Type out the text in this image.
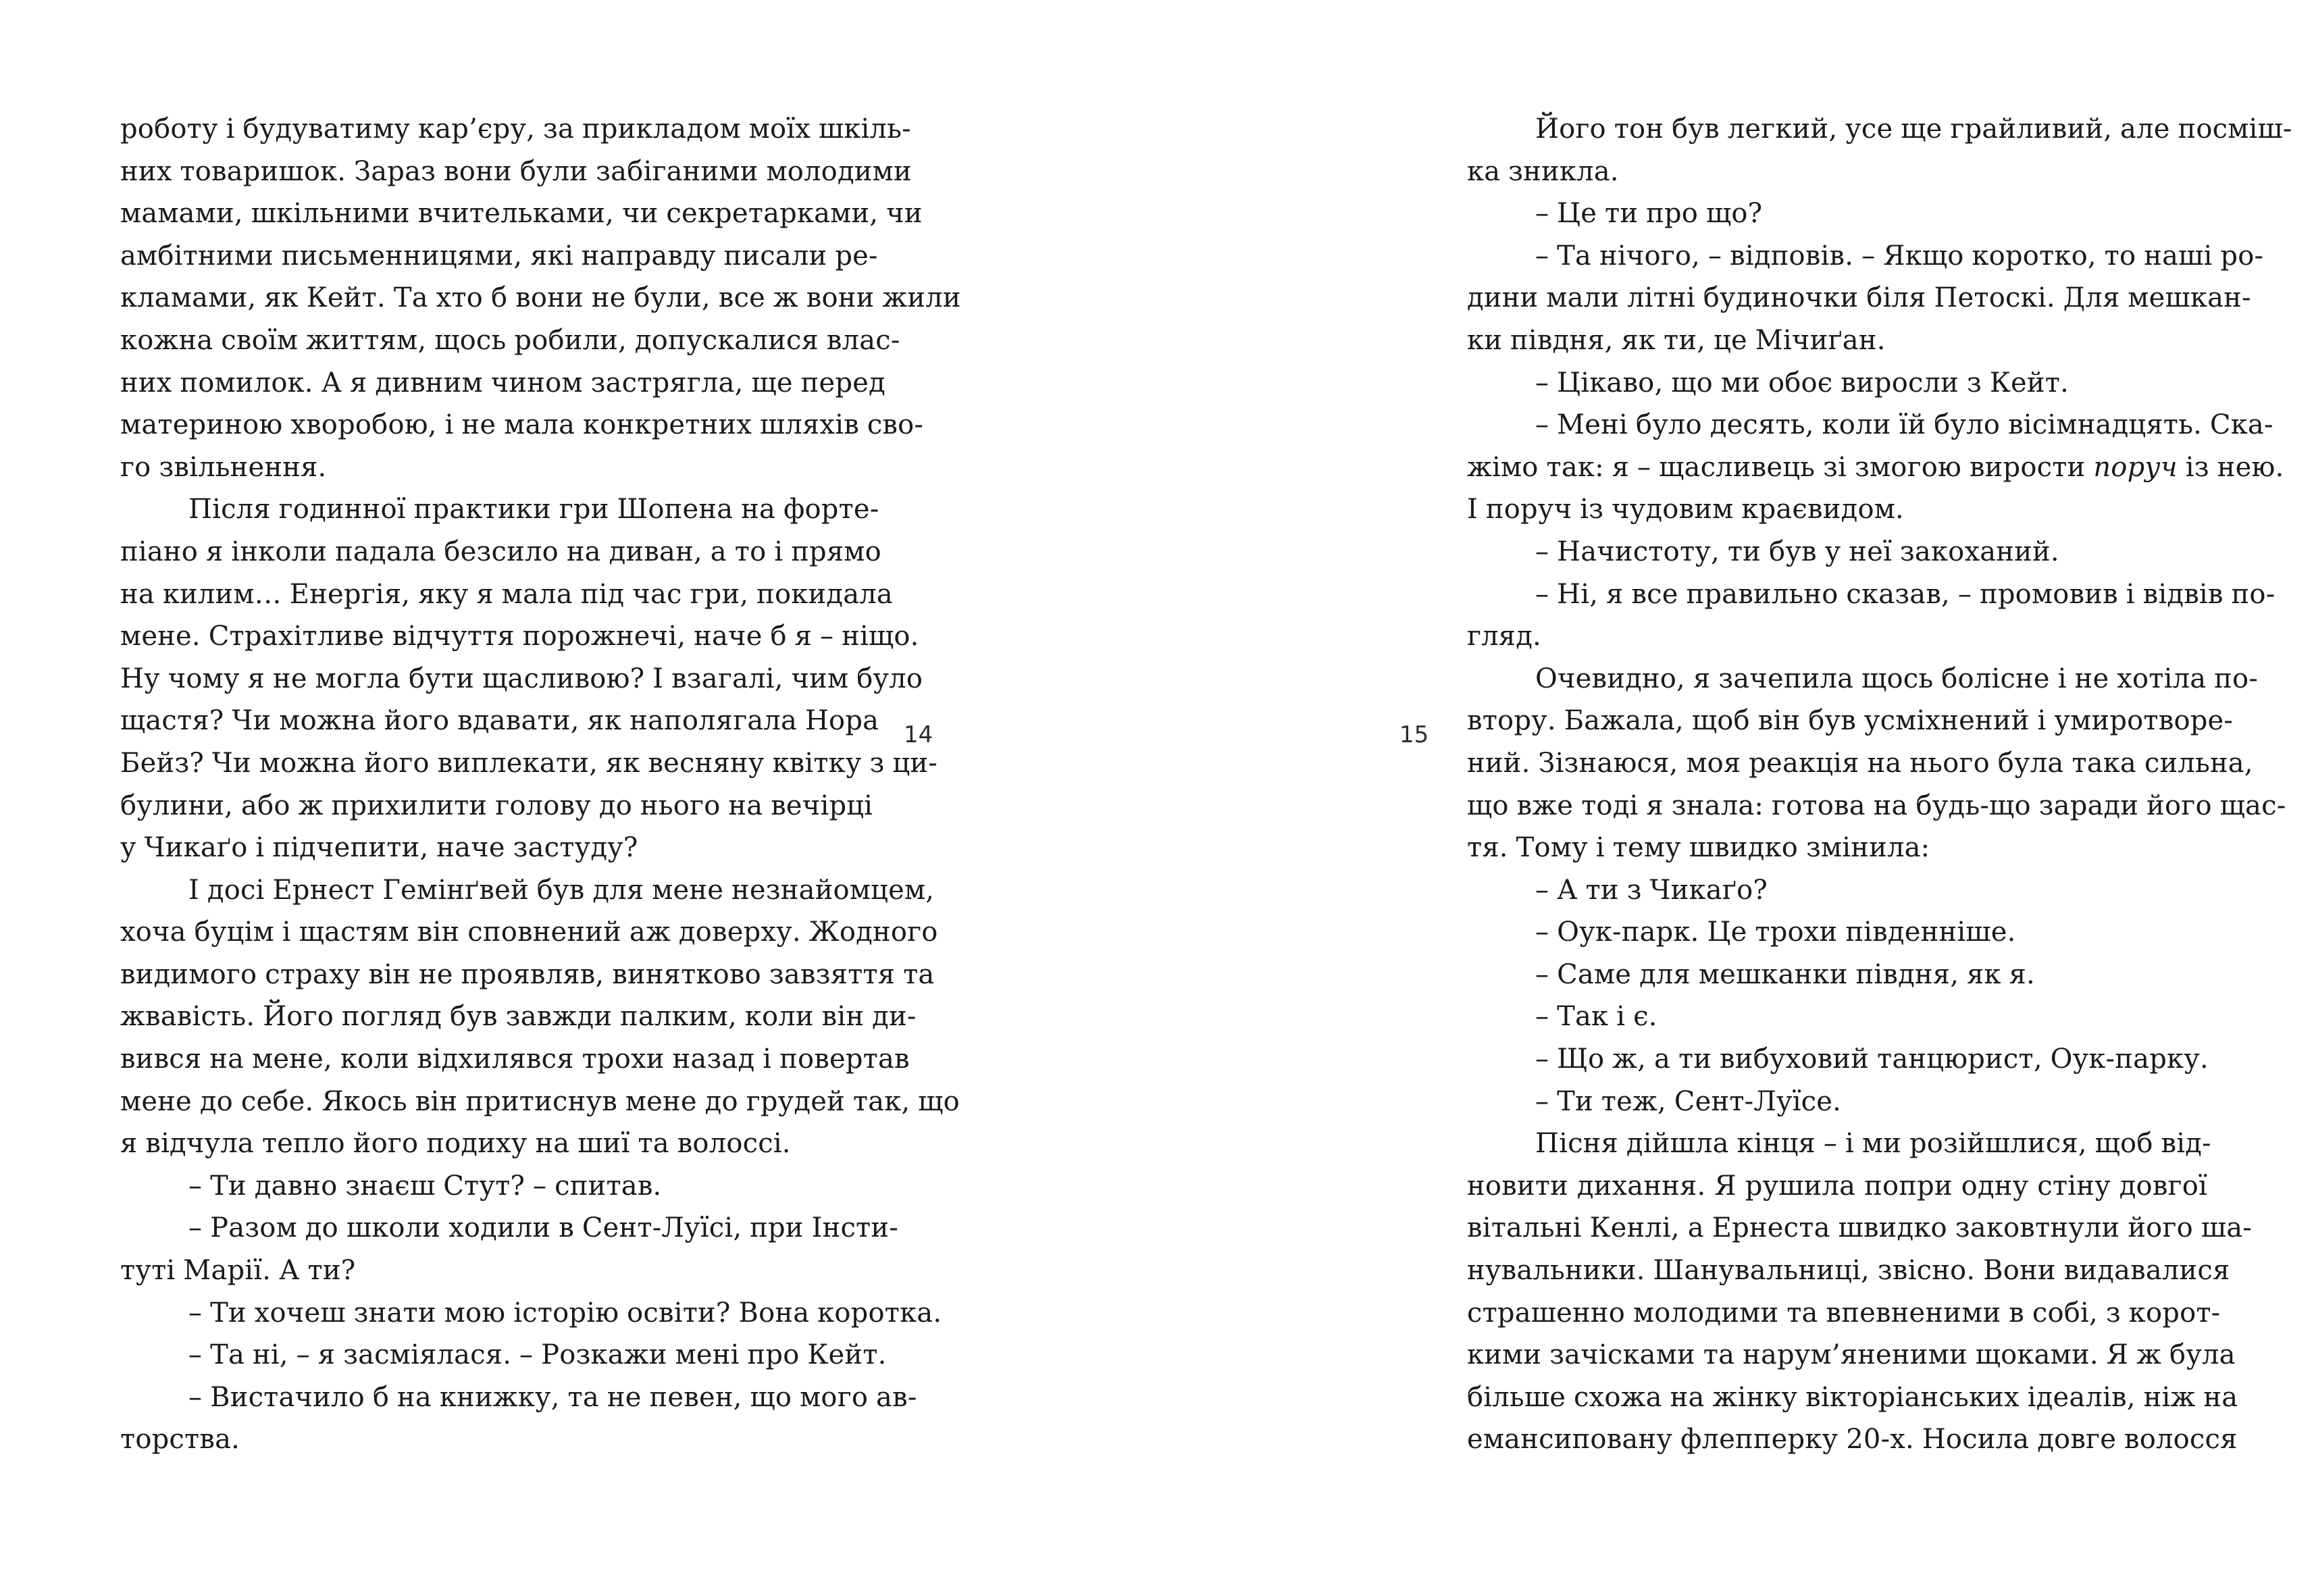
роботу і будуватиму кар’єру, за прикладом моїх шкіль-
них товаришок. Зараз вони були забіганими молодими
мамами, шкільними вчительками, чи секретарками, чи
амбітними письменницями, які направду писали ре-
кламами, як Кейт. Та хто б вони не були, все ж вони жили
кожна своїм життям, щось робили, допускалися влас-
них помилок. А я дивним чином застрягла, ще перед
материною хворобою, і не мала конкретних шляхів сво-
го звільнення.
Після годинної практики гри Шопена на форте-
піано я інколи падала безсило на диван, а то і прямо
на килим… Енергія, яку я мала під час гри, покидала
мене. Страхітливе відчуття порожнечі, наче б я – ніщо.
Ну чому я не могла бути щасливою? І взагалі, чим було
щастя? Чи можна його вдавати, як наполягала Нора
Бейз? Чи можна його виплекати, як весняну квітку з ци-
булини, або ж прихилити голову до нього на вечірці
у Чикаґо і підчепити, наче застуду?
І досі Ернест Гемінґвей був для мене незнайомцем,
хоча буцім і щастям він сповнений аж доверху. Жодного
видимого страху він не проявляв, винятково завзяття та
жвавість. Його погляд був завжди палким, коли він ди-
вився на мене, коли відхилявся трохи назад і повертав
мене до себе. Якось він притиснув мене до грудей так, що
я відчула тепло його подиху на шиї та волоссі.
– Ти давно знаєш Стут? – спитав.
– Разом до школи ходили в Сент-Луїсі, при Інсти-
туті Марії. А ти?
– Ти хочеш знати мою історію освіти? Вона коротка.
– Та ні, – я засміялася. – Розкажи мені про Кейт.
– Вистачило б на книжку, та не певен, що мого ав-
торства.
14
Його тон був легкий, усе ще грайливий, але посміш-
ка зникла.
– Це ти про що?
– Та нічого, – відповів. – Якщо коротко, то наші ро-
дини мали літні будиночки біля Петоскі. Для мешкан-
ки півдня, як ти, це Мічиґан.
– Цікаво, що ми обоє виросли з Кейт.
– Мені було десять, коли їй було вісімнадцять. Ска-
жімо так: я – щасливець зі змогою вирости поруч із нею.
І поруч із чудовим краєвидом.
– Начистоту, ти був у неї закоханий.
– Ні, я все правильно сказав, – промовив і відвів по-
гляд.
Очевидно, я зачепила щось болісне і не хотіла по-
втору. Бажала, щоб він був усміхнений і умиротворе-
ний. Зізнаюся, моя реакція на нього була така сильна,
що вже тоді я знала: готова на будь-що заради його щас-
тя. Тому і тему швидко змінила:
– А ти з Чикаґо?
– Оук-парк. Це трохи південніше.
– Саме для мешканки півдня, як я.
– Так і є.
– Що ж, а ти вибуховий танцюрист, Оук-парку.
– Ти теж, Сент-Луїсе.
Пісня дійшла кінця – і ми розійшлися, щоб від-
новити дихання. Я рушила попри одну стіну довгої
вітальні Кенлі, а Ернеста швидко заковтнули його ша-
нувальники. Шанувальниці, звісно. Вони видавалися
страшенно молодими та впевненими в собі, з корот-
кими зачісками та нарум’яненими щоками. Я ж була
більше схожа на жінку вікторіанських ідеалів, ніж на
емансиповану флепперку 20-х. Носила довге волосся
15
